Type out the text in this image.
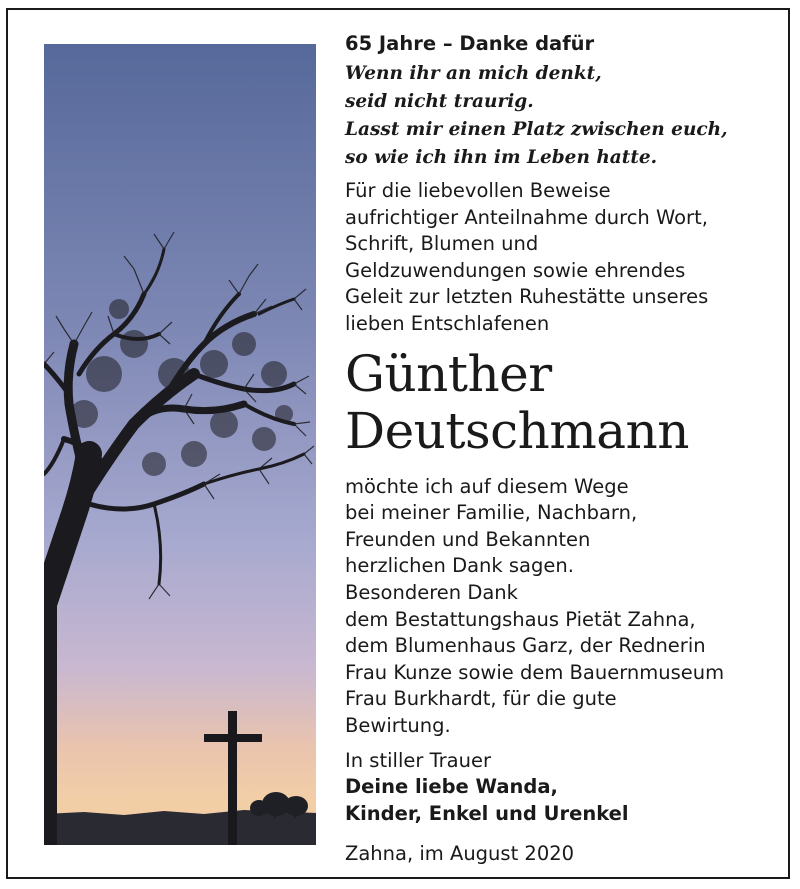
65 Jahre – Danke dafür
Wenn ihr an mich denkt,
seid nicht traurig.
Lasst mir einen Platz zwischen euch,
so wie ich ihn im Leben hatte.
Für die liebevollen Beweise
aufrichtiger Anteilnahme durch Wort,
Schrift, Blumen und
Geldzuwendungen sowie ehrendes
Geleit zur letzten Ruhestätte unseres
lieben Entschlafenen
Günther
Deutschmann
möchte ich auf diesem Wege
bei meiner Familie, Nachbarn,
Freunden und Bekannten
herzlichen Dank sagen.
Besonderen Dank
dem Bestattungshaus Pietät Zahna,
dem Blumenhaus Garz, der Rednerin
Frau Kunze sowie dem Bauernmuseum
Frau Burkhardt, für die gute
Bewirtung.
In stiller Trauer
Deine liebe Wanda,
Kinder, Enkel und Urenkel
Zahna, im August 2020
